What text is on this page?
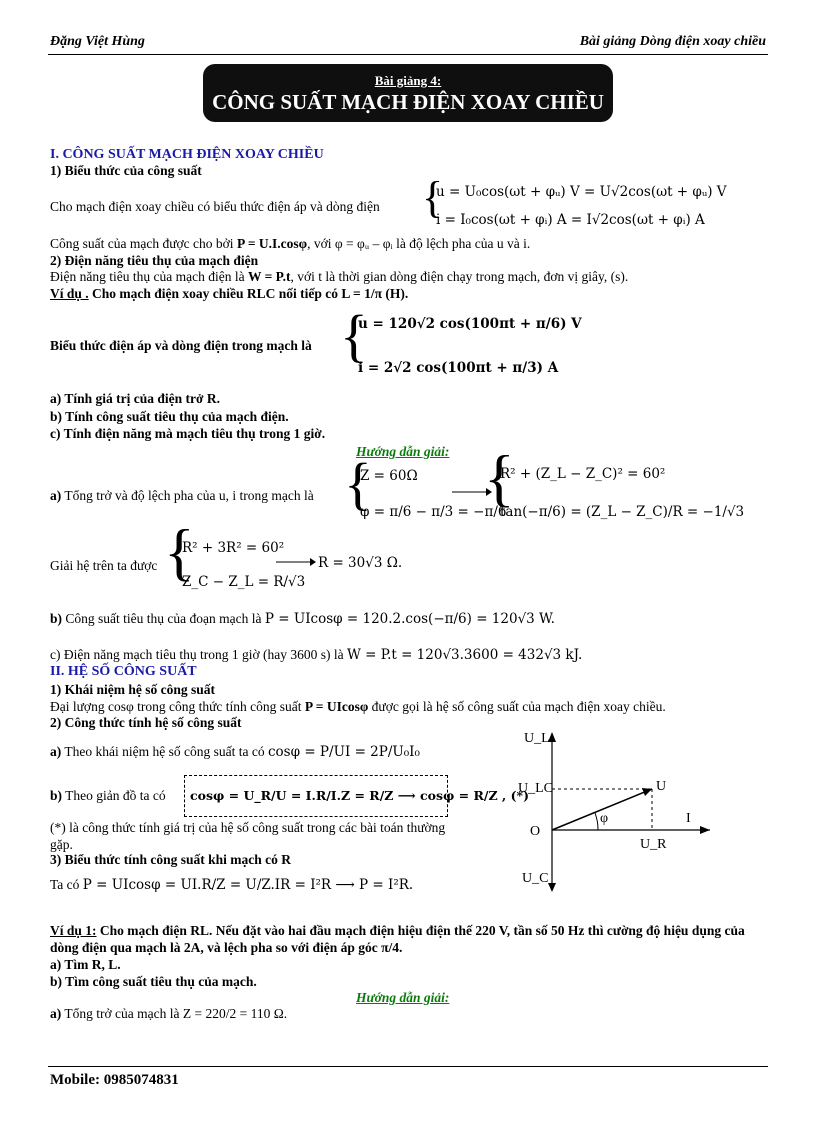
Đặng Việt Hùng	Bài giảng Dòng điện xoay chiều
Bài giảng 4:
CÔNG SUẤT MẠCH ĐIỆN XOAY CHIỀU
I. CÔNG SUẤT MẠCH ĐIỆN XOAY CHIỀU
1) Biểu thức của công suất
Cho mạch điện xoay chiều có biểu thức điện áp và dòng điện {
u = U₀cos(ωt + φᵤ) V = U√2cos(ωt + φᵤ) V
i = I₀cos(ωt + φᵢ) A = I√2cos(ωt + φᵢ) A
Công suất của mạch được cho bởi P = U.I.cosφ, với φ = φᵤ – φᵢ là độ lệch pha của u và i.
2) Điện năng tiêu thụ của mạch điện
Điện năng tiêu thụ của mạch điện là W = P.t, với t là thời gian dòng điện chạy trong mạch, đơn vị giây, (s).
Ví dụ . Cho mạch điện xoay chiều RLC nối tiếp có L = 1/π (H).
Biểu thức điện áp và dòng điện trong mạch là {
u = 120√2 cos(100πt + π/6) V
i = 2√2 cos(100πt + π/3) A
a) Tính giá trị của điện trở R.
b) Tính công suất tiêu thụ của mạch điện.
c) Tính điện năng mà mạch tiêu thụ trong 1 giờ.
Hướng dẫn giải:
a) Tổng trở và độ lệch pha của u, i trong mạch là {
Z = 60Ω
φ = π/6 − π/3 = −π/6
{
R² + (Z_L − Z_C)² = 60²
tan(−π/6) = (Z_L − Z_C)/R = −1/√3
Giải hệ trên ta được {
R² + 3R² = 60²
Z_C − Z_L = R/√3
R = 30√3 Ω.
b) Công suất tiêu thụ của đoạn mạch là P = UIcosφ = 120.2.cos(−π/6) = 120√3 W.
c) Điện năng mạch tiêu thụ trong 1 giờ (hay 3600 s) là W = P.t = 120√3.3600 = 432√3 kJ.
II. HỆ SỐ CÔNG SUẤT
1) Khái niệm hệ số công suất
Đại lượng cosφ trong công thức tính công suất P = UIcosφ được gọi là hệ số công suất của mạch điện xoay chiều.
2) Công thức tính hệ số công suất
a) Theo khái niệm hệ số công suất ta có cosφ = P/UI = 2P/U₀I₀
b) Theo giản đồ ta có cosφ = U_R/U = I.R/I.Z = R/Z ⟶ cosφ = R/Z , (*)
(*) là công thức tính giá trị của hệ số công suất trong các bài toán thường gặp.
3) Biểu thức tính công suất khi mạch có R
Ta có P = UIcosφ = UI.R/Z = U/Z.IR = I²R ⟶ P = I²R.
U_L
U_LC	U
O
φ	I
U_R
U_C
Ví dụ 1: Cho mạch điện RL. Nếu đặt vào hai đầu mạch điện hiệu điện thế 220 V, tần số 50 Hz thì cường độ hiệu dụng của dòng điện qua mạch là 2A, và lệch pha so với điện áp góc π/4.
a) Tìm R, L.
b) Tìm công suất tiêu thụ của mạch.
Hướng dẫn giải:
a) Tổng trở của mạch là Z = 220/2 = 110 Ω.
Mobile: 0985074831
